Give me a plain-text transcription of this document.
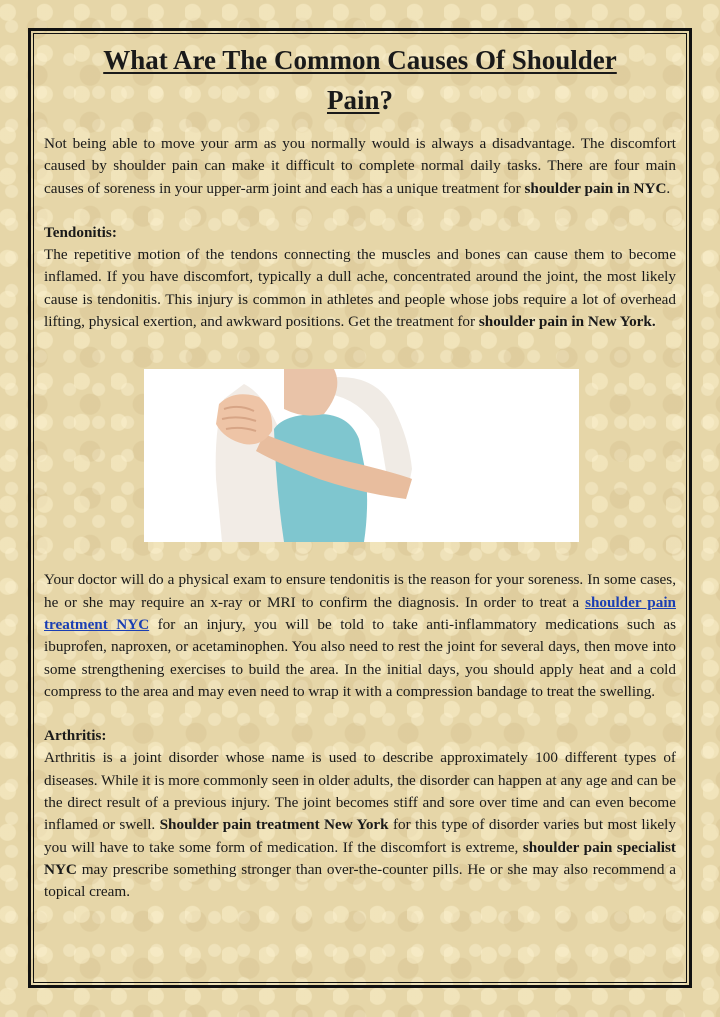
What Are The Common Causes Of Shoulder
Pain?

Not being able to move your arm as you normally would is always a disadvantage. The discomfort caused by shoulder pain can make it difficult to complete normal daily tasks. There are four main causes of soreness in your upper-arm joint and each has a unique treatment for shoulder pain in NYC.

Tendonitis:
The repetitive motion of the tendons connecting the muscles and bones can cause them to become inflamed. If you have discomfort, typically a dull ache, concentrated around the joint, the most likely cause is tendonitis. This injury is common in athletes and people whose jobs require a lot of overhead lifting, physical exertion, and awkward positions. Get the treatment for shoulder pain in New York.

Your doctor will do a physical exam to ensure tendonitis is the reason for your soreness. In some cases, he or she may require an x-ray or MRI to confirm the diagnosis. In order to treat a shoulder pain treatment NYC for an injury, you will be told to take anti-inflammatory medications such as ibuprofen, naproxen, or acetaminophen. You also need to rest the joint for several days, then move into some strengthening exercises to build the area. In the initial days, you should apply heat and a cold compress to the area and may even need to wrap it with a compression bandage to treat the swelling.

Arthritis:
Arthritis is a joint disorder whose name is used to describe approximately 100 different types of diseases. While it is more commonly seen in older adults, the disorder can happen at any age and can be the direct result of a previous injury. The joint becomes stiff and sore over time and can even become inflamed or swell. Shoulder pain treatment New York for this type of disorder varies but most likely you will have to take some form of medication. If the discomfort is extreme, shoulder pain specialist NYC may prescribe something stronger than over-the-counter pills. He or she may also recommend a topical cream.
